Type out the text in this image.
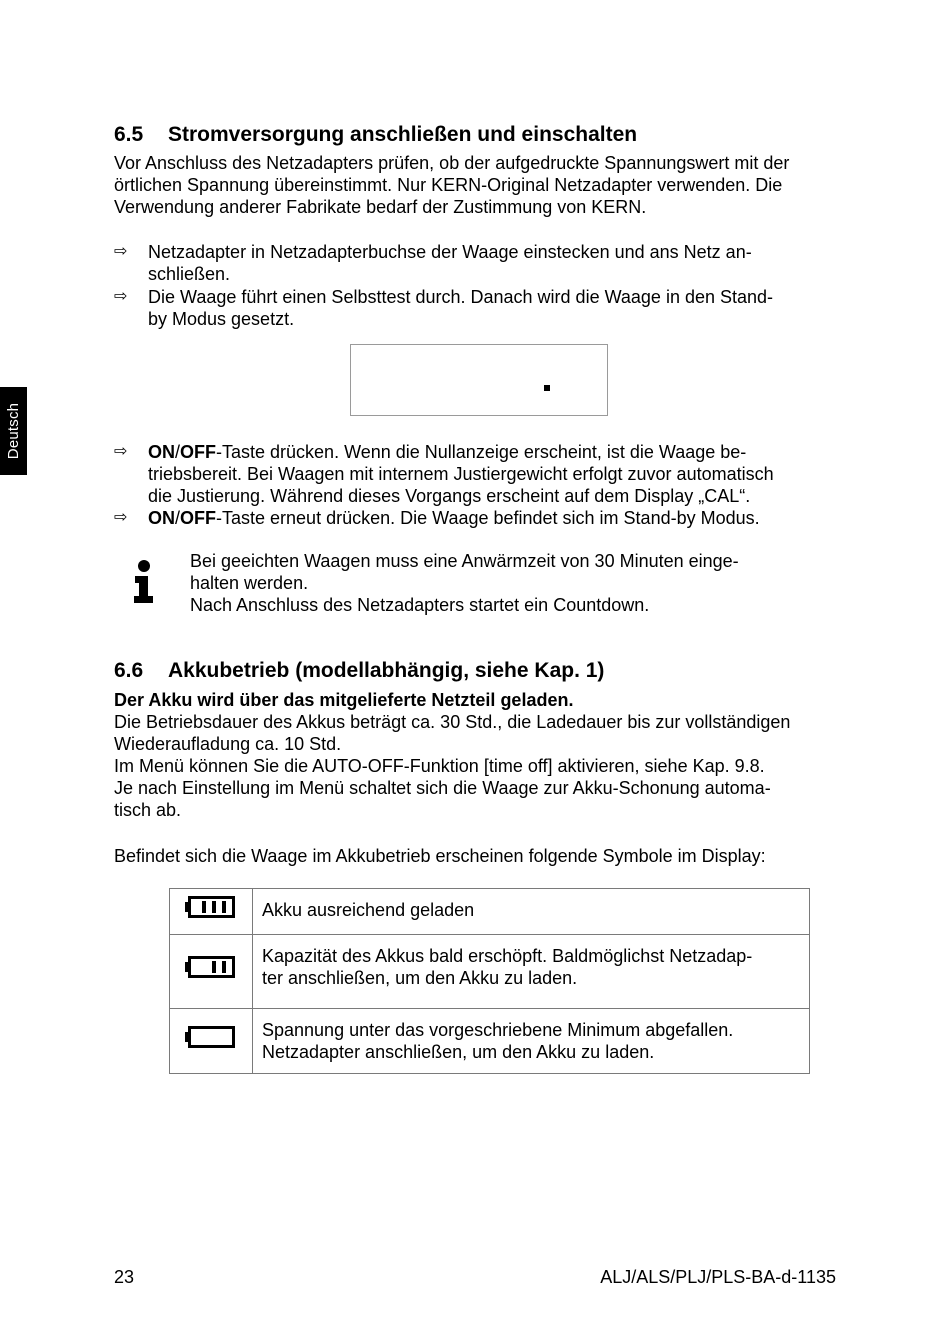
Deutsch
6.5 Stromversorgung anschließen und einschalten

Vor Anschluss des Netzadapters prüfen, ob der aufgedruckte Spannungswert mit der

örtlichen Spannung übereinstimmt. Nur KERN-Original Netzadapter verwenden. Die

Verwendung anderer Fabrikate bedarf der Zustimmung von KERN.

⇨	Netzadapter in Netzadapterbuchse der Waage einstecken und ans Netz an-

schließen.

⇨	Die Waage führt einen Selbsttest durch. Danach wird die Waage in den Stand-

by Modus gesetzt.

⇨	ON/OFF-Taste drücken. Wenn die Nullanzeige erscheint, ist die Waage be-

triebsbereit. Bei Waagen mit internem Justiergewicht erfolgt zuvor automatisch

die Justierung. Während dieses Vorgangs erscheint auf dem Display „CAL“.

⇨	ON/OFF-Taste erneut drücken. Die Waage befindet sich im Stand-by Modus.

Bei geeichten Waagen muss eine Anwärmzeit von 30 Minuten einge-

halten werden.

Nach Anschluss des Netzadapters startet ein Countdown.

6.6 Akkubetrieb (modellabhängig, siehe Kap. 1)

Der Akku wird über das mitgelieferte Netzteil geladen.

Die Betriebsdauer des Akkus beträgt ca. 30 Std., die Ladedauer bis zur vollständigen

Wiederaufladung ca. 10 Std.

Im Menü können Sie die AUTO-OFF-Funktion [time off] aktivieren, siehe Kap. 9.8.

Je nach Einstellung im Menü schaltet sich die Waage zur Akku-Schonung automa-

tisch ab.

Befindet sich die Waage im Akkubetrieb erscheinen folgende Symbole im Display:

	Akku ausreichend geladen

	Kapazität des Akkus bald erschöpft. Baldmöglichst Netzadap-

ter anschließen, um den Akku zu laden.

	Spannung unter das vorgeschriebene Minimum abgefallen.

Netzadapter anschließen, um den Akku zu laden.

23	ALJ/ALS/PLJ/PLS-BA-d-1135
